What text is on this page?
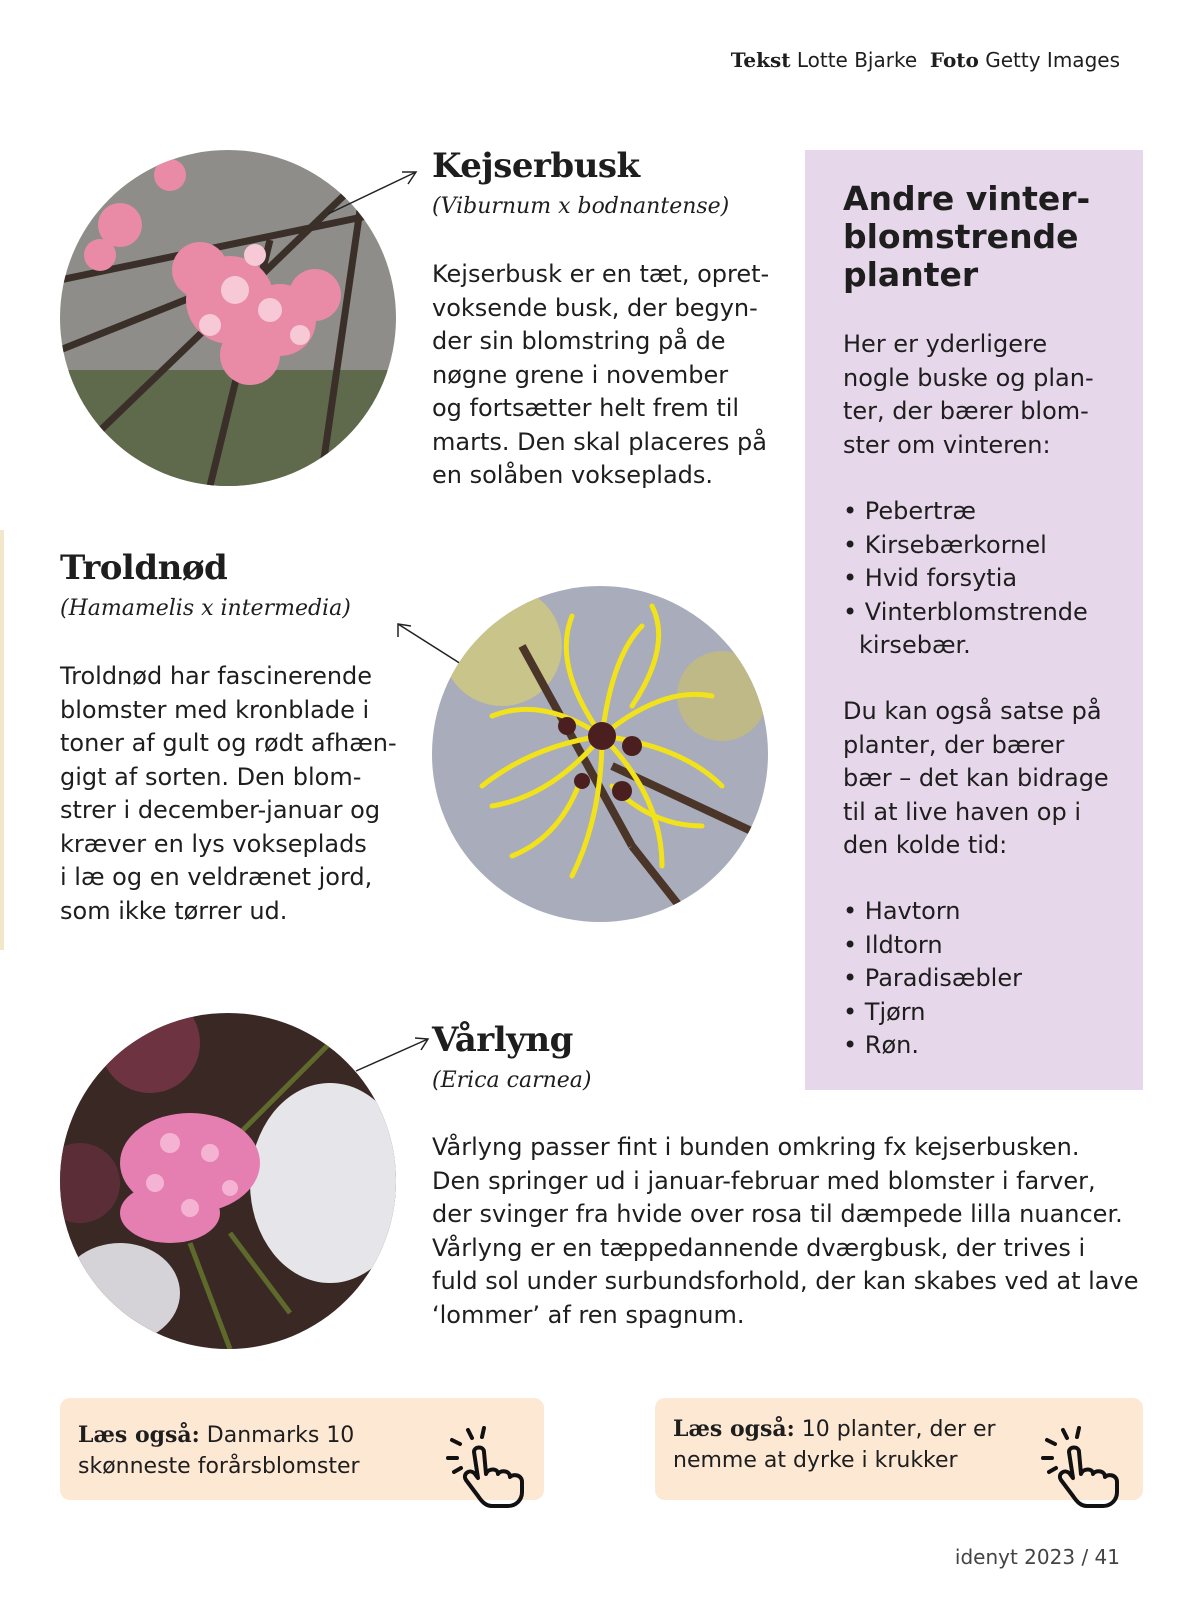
Tekst Lotte Bjarke Foto Getty Images
Kejserbusk
(Viburnum x bodnantense)

Kejserbusk er en tæt, opret-
voksende busk, der begyn-
der sin blomstring på de
nøgne grene i november
og fortsætter helt frem til
marts. Den skal placeres på
en solåben vokseplads.

Troldnød
(Hamamelis x intermedia)

Troldnød har fascinerende
blomster med kronblade i
toner af gult og rødt afhæn-
gigt af sorten. Den blom-
strer i december-januar og
kræver en lys vokseplads
i læ og en veldrænet jord,
som ikke tørrer ud.

Vårlyng
(Erica carnea)

Vårlyng passer fint i bunden omkring fx kejserbusken.
Den springer ud i januar-februar med blomster i farver,
der svinger fra hvide over rosa til dæmpede lilla nuancer.
Vårlyng er en tæppedannende dværgbusk, der trives i
fuld sol under surbundsforhold, der kan skabes ved at lave
‘lommer’ af ren spagnum.

Andre vinter-
blomstrende
planter
Her er yderligere
nogle buske og plan-
ter, der bærer blom-
ster om vinteren:
• Pebertræ
• Kirsebærkornel
• Hvid forsytia
• Vinterblomstrende kirsebær.
Du kan også satse på
planter, der bærer
bær – det kan bidrage
til at live haven op i
den kolde tid:
• Havtorn
• Ildtorn
• Paradisæbler
• Tjørn
• Røn.
Læs også: Danmarks 10 skønneste forårsblomster
Læs også: 10 planter, der er nemme at dyrke i krukker
idenyt 2023 / 41
